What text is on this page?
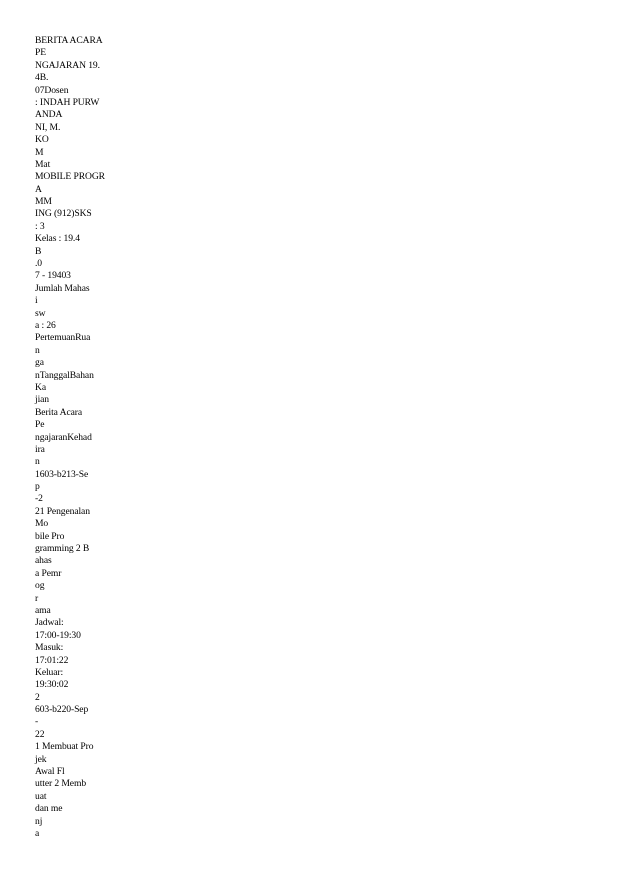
BERITA ACARA
PE
NGAJARAN 19.
4B.
07Dosen
: INDAH PURW
ANDA
NI, M.
KO
M
Mat
MOBILE PROGR
A
MM
ING (912)SKS
: 3
Kelas : 19.4
B
.0
7 - 19403
Jumlah Mahas
i
sw
a : 26
PertemuanRua
n
ga
nTanggalBahan
Ka
jian
Berita Acara
Pe
ngajaranKehad
ira
n
1603-b213-Se
p
-2
21 Pengenalan
Mo
bile Pro
gramming 2 B
ahas
a Pemr
og
r
ama
Jadwal:
17:00-19:30
Masuk:
17:01:22
Keluar:
19:30:02
2
603-b220-Sep
-
22
1 Membuat Pro
jek
Awal Fl
utter 2 Memb
uat
dan me
nj
a
